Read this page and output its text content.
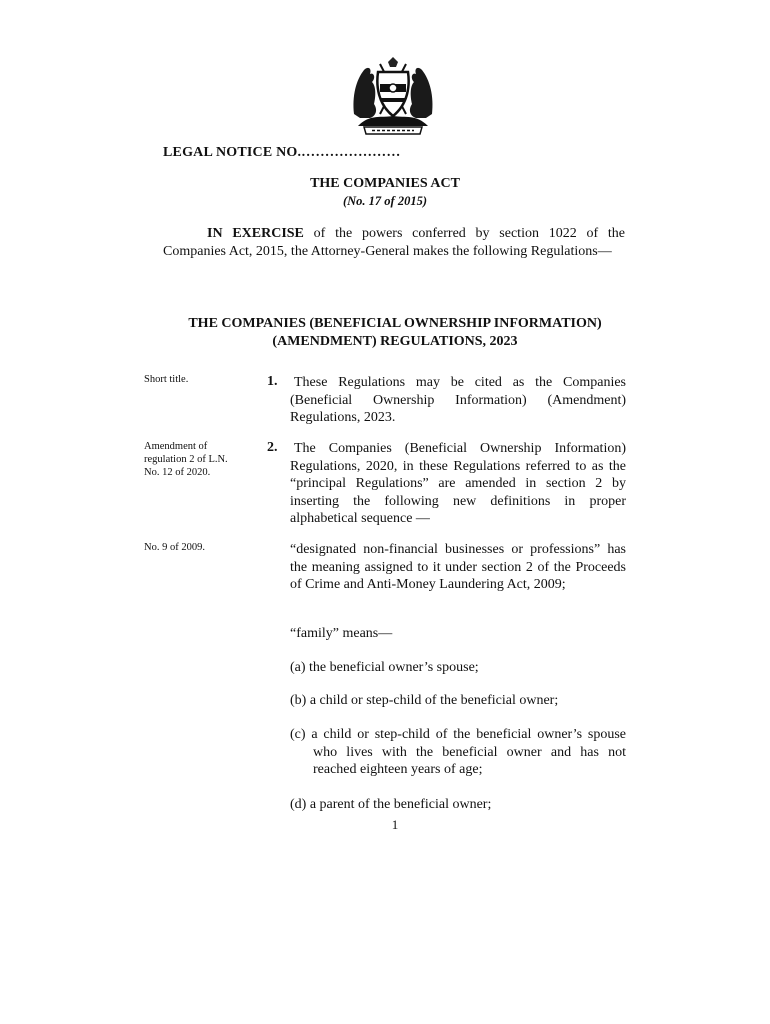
LEGAL NOTICE NO.…………………
THE COMPANIES ACT
(No. 17 of 2015)
IN EXERCISE of the powers conferred by section 1022 of the Companies Act, 2015, the Attorney-General makes the following Regulations—
THE COMPANIES (BENEFICIAL OWNERSHIP INFORMATION)
(AMENDMENT) REGULATIONS, 2023
Short title.	1. These Regulations may be cited as the Companies (Beneficial Ownership Information) (Amendment) Regulations, 2023.
Amendment of regulation 2 of L.N. No. 12 of 2020.
2. The Companies (Beneficial Ownership Information) Regulations, 2020, in these Regulations referred to as the “principal Regulations” are amended in section 2 by inserting the following new definitions in proper alphabetical sequence —
No. 9 of 2009.	“designated non-financial businesses or professions” has the meaning assigned to it under section 2 of the Proceeds of Crime and Anti-Money Laundering Act, 2009;
“family” means—
(a) the beneficial owner’s spouse;
(b) a child or step-child of the beneficial owner;
(c) a child or step-child of the beneficial owner’s spouse who lives with the beneficial owner and has not reached eighteen years of age;
(d) a parent of the beneficial owner;
1
